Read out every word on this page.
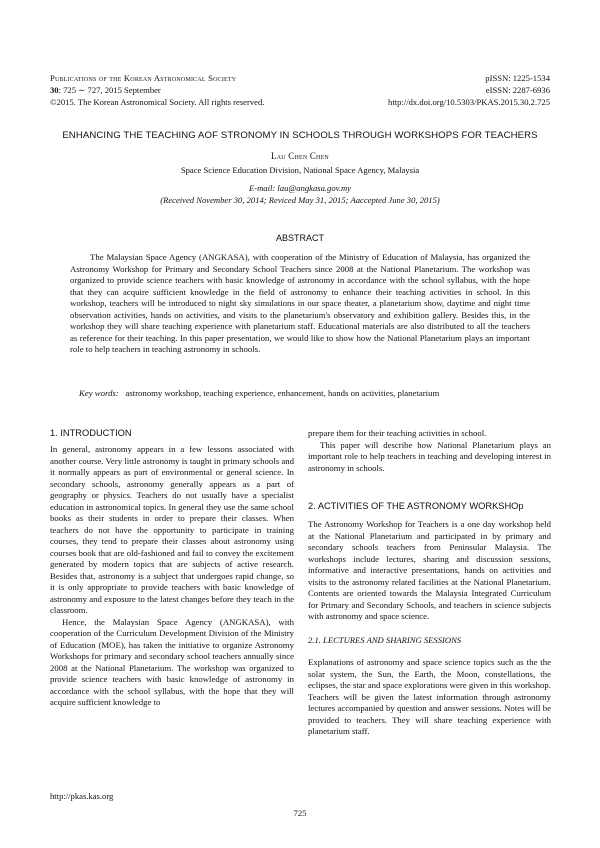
Publications of the Korean Astronomical Society
30: 725 ∼ 727, 2015 September
©2015. The Korean Astronomical Society. All rights reserved.
pISSN: 1225-1534
eISSN: 2287-6936
http://dx.doi.org/10.5303/PKAS.2015.30.2.725
ENHANCING THE TEACHING AOF STRONOMY IN SCHOOLS THROUGH WORKSHOPS FOR TEACHERS
Lau Chen Chen
Space Science Education Division, National Space Agency, Malaysia
E-mail: lau@angkasa.gov.my
(Received November 30, 2014; Reviced May 31, 2015; Aaccepted June 30, 2015)
ABSTRACT
The Malaysian Space Agency (ANGKASA), with cooperation of the Ministry of Education of Malaysia, has organized the Astronomy Workshop for Primary and Secondary School Teachers since 2008 at the National Planetarium. The workshop was organized to provide science teachers with basic knowledge of astronomy in accordance with the school syllabus, with the hope that they can acquire sufficient knowledge in the field of astronomy to enhance their teaching activities in school. In this workshop, teachers will be introduced to night sky simulations in our space theater, a planetarium show, daytime and night time observation activities, hands on activities, and visits to the planetarium's observatory and exhibition gallery. Besides this, in the workshop they will share teaching experience with planetarium staff. Educational materials are also distributed to all the teachers as reference for their teaching. In this paper presentation, we would like to show how the National Planetarium plays an important role to help teachers in teaching astronomy in schools.
Key words: astronomy workshop, teaching experience, enhancement, hands on activities, planetarium
1. INTRODUCTION

In general, astronomy appears in a few lessons associated with another course. Very little astronomy is taught in primary schools and it normally appears as part of environmental or general science. In secondary schools, astronomy generally appears as a part of geography or physics. Teachers do not usually have a specialist education in astronomical topics. In general they use the same school books as their students in order to prepare their classes. When teachers do not have the opportunity to participate in training courses, they tend to prepare their classes about astronomy using courses book that are old-fashioned and fail to convey the excitement generated by modern topics that are subjects of active research. Besides that, astronomy is a subject that undergoes rapid change, so it is only appropriate to provide teachers with basic knowledge of astronomy and exposure to the latest changes before they teach in the classroom.

Hence, the Malaysian Space Agency (ANGKASA), with cooperation of the Curriculum Development Division of the Ministry of Education (MOE), has taken the initiative to organize Astronomy Workshops for primary and secondary school teachers annually since 2008 at the National Planetarium. The workshop was organized to provide science teachers with basic knowledge of astronomy in accordance with the school syllabus, with the hope that they will acquire sufficient knowledge to

prepare them for their teaching activities in school.

This paper will describe how National Planetarium plays an important role to help teachers in teaching and developing interest in astronomy in schools.

2. ACTIVITIES OF THE ASTRONOMY WORKSHOp
The Astronomy Workshop for Teachers is a one day workshop held at the National Planetarium and participated in by primary and secondary schools teachers from Peninsular Malaysia. The workshops include lectures, sharing and discussion sessions, informative and interactive presentations, hands on activities and visits to the astronomy related facilities at the National Planetarium. Contents are oriented towards the Malaysia Integrated Curriculum for Primary and Secondary Schools, and teachers in science subjects with astronomy and space science.
2.1. LECTURES AND SHARING SESSIONS
Explanations of astronomy and space science topics such as the the solar system, the Sun, the Earth, the Moon, constellations, the eclipses, the star and space explorations were given in this workshop. Teachers will be given the latest information through astronomy lectures accompanied by question and answer sessions. Notes will be provided to teachers. They will share teaching experience with planetarium staff.
http://pkas.kas.org
725
